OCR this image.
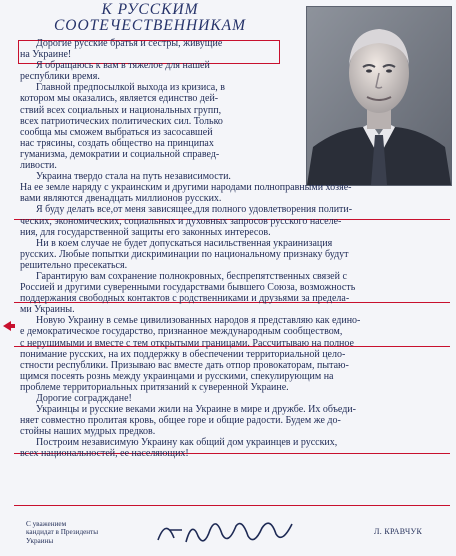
К РУССКИМ
СООТЕЧЕСТВЕННИКАМ
Дорогие русские братья и сестры, живущие
на Украине!
Я обращаюсь к вам в тяжелое для нашей
республики время.
Главной предпосылкой выхода из кризиса, в
котором мы оказались, является единство дей-
ствий всех социальных и национальных групп,
всех патриотических политических сил. Только
сообща мы сможем выбраться из засосавшей
нас трясины, создать общество на принципах
гуманизма, демократии и социальной справед-
ливости.
Украина твердо стала на путь независимости.
На ее земле наряду с украинским и другими народами полноправными хозяе-
вами являются двенадцать миллионов русских.
Я буду делать все,от меня зависящее,для полного удовлетворения полити-
ческих, экономических, социальных и духовных запросов русского населе-
ния, для государственной защиты его законных интересов.
Ни в коем случае не будет допускаться насильственная украинизация
русских. Любые попытки дискриминации по национальному признаку будут
решительно пресекаться.
Гарантирую вам сохранение полнокровных, беспрепятственных связей с
Россией и другими суверенными государствами бывшего Союза, возможность
поддержания свободных контактов с родственниками и друзьями за предела-
ми Украины.
Новую Украину в семье цивилизованных народов я представляю как едино-
е демократическое государство, признанное международным сообществом,
с нерушимыми и вместе с тем открытыми границами. Рассчитываю на полное
понимание русских, на их поддержку в обеспечении территориальной цело-
стности республики. Призываю вас вместе дать отпор провокаторам, пытаю-
щимся посеять рознь между украинцами и русскими, спекулирующим на
проблеме территориальных притязаний к суверенной Украине.
Дорогие соградждане!
Украинцы и русские веками жили на Украине в мире и дружбе. Их объеди-
няет совместно пролитая кровь, общее горе и общие радости. Будем же до-
стойны наших мудрых предков.
Построим независимую Украину как общий дом украинцев и русских,
всех национальностей, ее населяющих!
С уважением
кандидат в Президенты
Украины
Л. КРАВЧУК
